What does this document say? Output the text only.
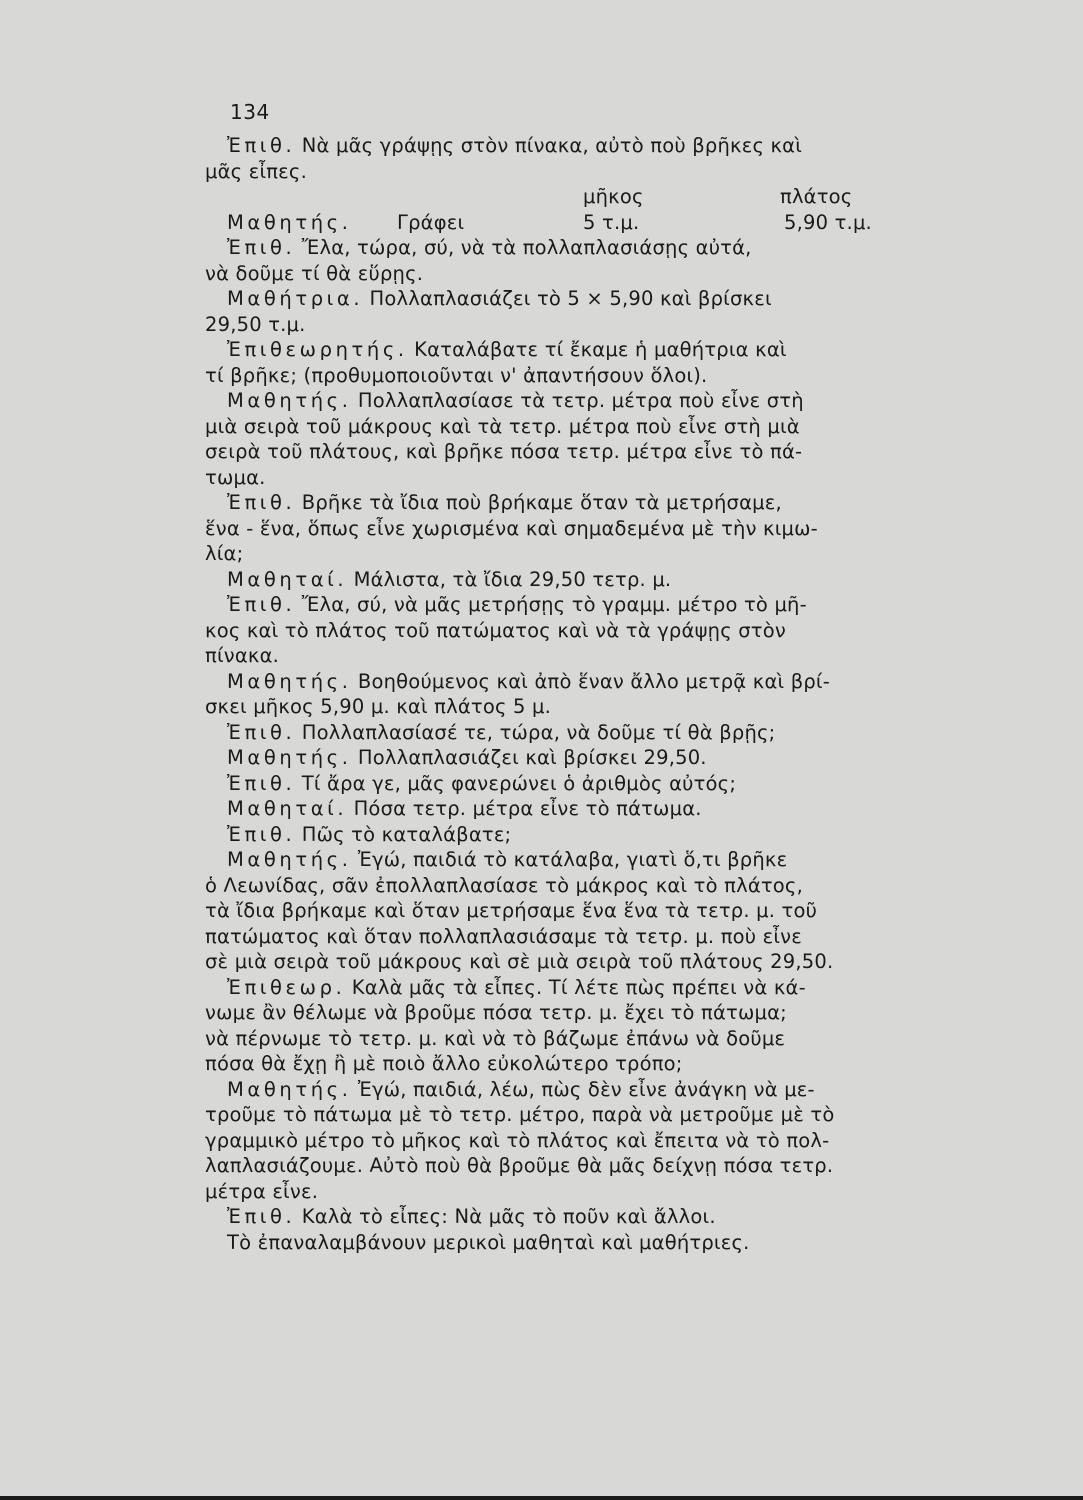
134
Ἐπιθ. Νὰ μᾶς γράψῃς στὸν πίνακα, αὐτὸ ποὺ βρῆκες καὶ
μᾶς εἶπες.
μῆκος	πλάτος
Μαθητής. Γράφει	5 τ.μ.	5,90 τ.μ.
Ἐπιθ. Ἔλα, τώρα, σύ, νὰ τὰ πολλαπλασιάσῃς αὐτά,
νὰ δοῦμε τί θὰ εὕρῃς.
Μαθήτρια. Πολλαπλασιάζει τὸ 5 × 5,90 καὶ βρίσκει
29,50 τ.μ.
Ἐπιθεωρητής. Καταλάβατε τί ἔκαμε ἡ μαθήτρια καὶ
τί βρῆκε; (προθυμοποιοῦνται ν' ἀπαντήσουν ὅλοι).
Μαθητής. Πολλαπλασίασε τὰ τετρ. μέτρα ποὺ εἶνε στὴ
μιὰ σειρὰ τοῦ μάκρους καὶ τὰ τετρ. μέτρα ποὺ εἶνε στὴ μιὰ
σειρὰ τοῦ πλάτους, καὶ βρῆκε πόσα τετρ. μέτρα εἶνε τὸ πά-
τωμα.
Ἐπιθ. Βρῆκε τὰ ἴδια ποὺ βρήκαμε ὅταν τὰ μετρήσαμε,
ἕνα - ἕνα, ὅπως εἶνε χωρισμένα καὶ σημαδεμένα μὲ τὴν κιμω-
λία;
Μαθηταί. Μάλιστα, τὰ ἴδια 29,50 τετρ. μ.
Ἐπιθ. Ἔλα, σύ, νὰ μᾶς μετρήσῃς τὸ γραμμ. μέτρο τὸ μῆ-
κος καὶ τὸ πλάτος τοῦ πατώματος καὶ νὰ τὰ γράψῃς στὸν
πίνακα.
Μαθητής. Βοηθούμενος καὶ ἀπὸ ἕναν ἄλλο μετρᾷ καὶ βρί-
σκει μῆκος 5,90 μ. καὶ πλάτος 5 μ.
Ἐπιθ. Πολλαπλασίασέ τε, τώρα, νὰ δοῦμε τί θὰ βρῇς;
Μαθητής. Πολλαπλασιάζει καὶ βρίσκει 29,50.
Ἐπιθ. Τί ἄρα γε, μᾶς φανερώνει ὁ ἀριθμὸς αὐτός;
Μαθηταί. Πόσα τετρ. μέτρα εἶνε τὸ πάτωμα.
Ἐπιθ. Πῶς τὸ καταλάβατε;
Μαθητής. Ἐγώ, παιδιά τὸ κατάλαβα, γιατὶ ὅ,τι βρῆκε
ὁ Λεωνίδας, σᾶν ἐπολλαπλασίασε τὸ μάκρος καὶ τὸ πλάτος,
τὰ ἴδια βρήκαμε καὶ ὅταν μετρήσαμε ἕνα ἕνα τὰ τετρ. μ. τοῦ
πατώματος καὶ ὅταν πολλαπλασιάσαμε τὰ τετρ. μ. ποὺ εἶνε
σὲ μιὰ σειρὰ τοῦ μάκρους καὶ σὲ μιὰ σειρὰ τοῦ πλάτους 29,50.
Ἐπιθεωρ. Καλὰ μᾶς τὰ εἶπες. Τί λέτε πὼς πρέπει νὰ κά-
νωμε ἂν θέλωμε νὰ βροῦμε πόσα τετρ. μ. ἔχει τὸ πάτωμα;
νὰ πέρνωμε τὸ τετρ. μ. καὶ νὰ τὸ βάζωμε ἐπάνω νὰ δοῦμε
πόσα θὰ ἔχῃ ἢ μὲ ποιὸ ἄλλο εὐκολώτερο τρόπο;
Μαθητής. Ἐγώ, παιδιά, λέω, πὼς δὲν εἶνε ἀνάγκη νὰ με-
τροῦμε τὸ πάτωμα μὲ τὸ τετρ. μέτρο, παρὰ νὰ μετροῦμε μὲ τὸ
γραμμικὸ μέτρο τὸ μῆκος καὶ τὸ πλάτος καὶ ἔπειτα νὰ τὸ πολ-
λαπλασιάζουμε. Αὐτὸ ποὺ θὰ βροῦμε θὰ μᾶς δείχνῃ πόσα τετρ.
μέτρα εἶνε.
Ἐπιθ. Καλὰ τὸ εἶπες: Νὰ μᾶς τὸ ποῦν καὶ ἄλλοι.
Τὸ ἐπαναλαμβάνουν μερικοὶ μαθηταὶ καὶ μαθήτριες.
